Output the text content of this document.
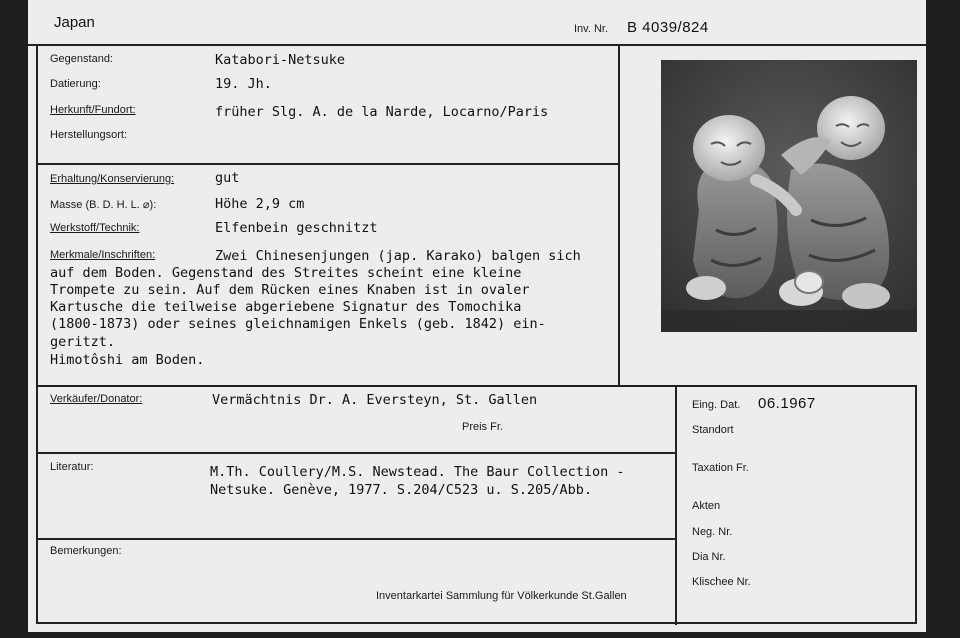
Japan	Inv. Nr. B 4039/824
Gegenstand:	Katabori-Netsuke
Datierung:	19. Jh.
Herkunft/Fundort:	früher Slg. A. de la Narde, Locarno/Paris
Herstellungsort:
Erhaltung/Konservierung:	gut
Masse (B. D. H. L. ⌀):	Höhe 2,9 cm
Werkstoff/Technik:	Elfenbein geschnitzt
Merkmale/Inschriften:	Zwei Chinesenjungen (jap. Karako) balgen sich
auf dem Boden. Gegenstand des Streites scheint eine kleine
Trompete zu sein. Auf dem Rücken eines Knaben ist in ovaler
Kartusche die teilweise abgeriebene Signatur des Tomochika
(1800-1873) oder seines gleichnamigen Enkels (geb. 1842) ein-
geritzt.
Himotôshi am Boden.
Verkäufer/Donator:	Vermächtnis Dr. A. Eversteyn, St. Gallen
Preis Fr.
Literatur:	M.Th. Coullery/M.S. Newstead. The Baur Collection -
Netsuke. Genève, 1977. S.204/C523 u. S.205/Abb.
Bemerkungen:
Inventarkartei Sammlung für Völkerkunde St.Gallen
Eing. Dat. 06.1967
Standort
Taxation Fr.
Akten
Neg. Nr.
Dia Nr.
Klischee Nr.
